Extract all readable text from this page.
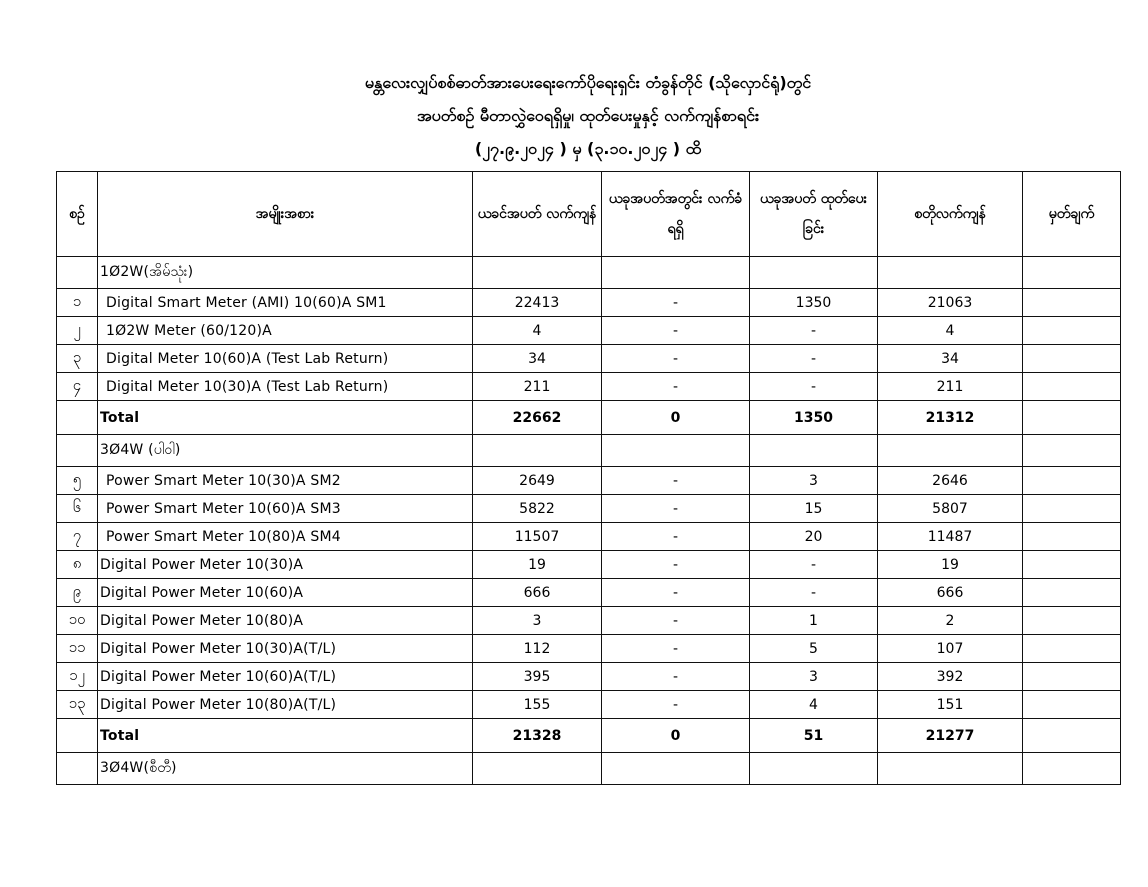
မန္တလေးလျှပ်စစ်ဓာတ်အားပေးရေးကော်ပိုရေးရှင်း တံခွန်တိုင် (သိုလှောင်ရုံ)တွင်
အပတ်စဉ် မီတာလွှဲဝေရရှိမှု၊ ထုတ်ပေးမှုနှင့် လက်ကျန်စာရင်း
(၂၇.၉.၂၀၂၄ ) မှ (၃.၁၀.၂၀၂၄ ) ထိ
စဉ်	အမျိုးအစား	ယခင်အပတ် လက်ကျန်	ယခုအပတ်အတွင်း လက်ခံရရှိ	ယခုအပတ် ထုတ်ပေးခြင်း	စတိုလက်ကျန်	မှတ်ချက်
	1Ø2W(အိမ်သုံး)					
၁	Digital Smart Meter (AMI) 10(60)A SM1	22413	-	1350	21063	
၂	1Ø2W Meter (60/120)A	4	-	-	4	
၃	Digital Meter 10(60)A (Test Lab Return)	34	-	-	34	
၄	Digital Meter 10(30)A (Test Lab Return)	211	-	-	211	
	Total	22662	0	1350	21312	
	3Ø4W (ပါဝါ)					
၅	Power Smart Meter 10(30)A SM2	2649	-	3	2646	
၆	Power Smart Meter 10(60)A SM3	5822	-	15	5807	
၇	Power Smart Meter 10(80)A SM4	11507	-	20	11487	
၈	Digital Power Meter 10(30)A	19	-	-	19	
၉	Digital Power Meter 10(60)A	666	-	-	666	
၁၀	Digital Power Meter 10(80)A	3	-	1	2	
၁၁	Digital Power Meter 10(30)A(T/L)	112	-	5	107	
၁၂	Digital Power Meter 10(60)A(T/L)	395	-	3	392	
၁၃	Digital Power Meter 10(80)A(T/L)	155	-	4	151	
	Total	21328	0	51	21277	
	3Ø4W(စီတီ)					
